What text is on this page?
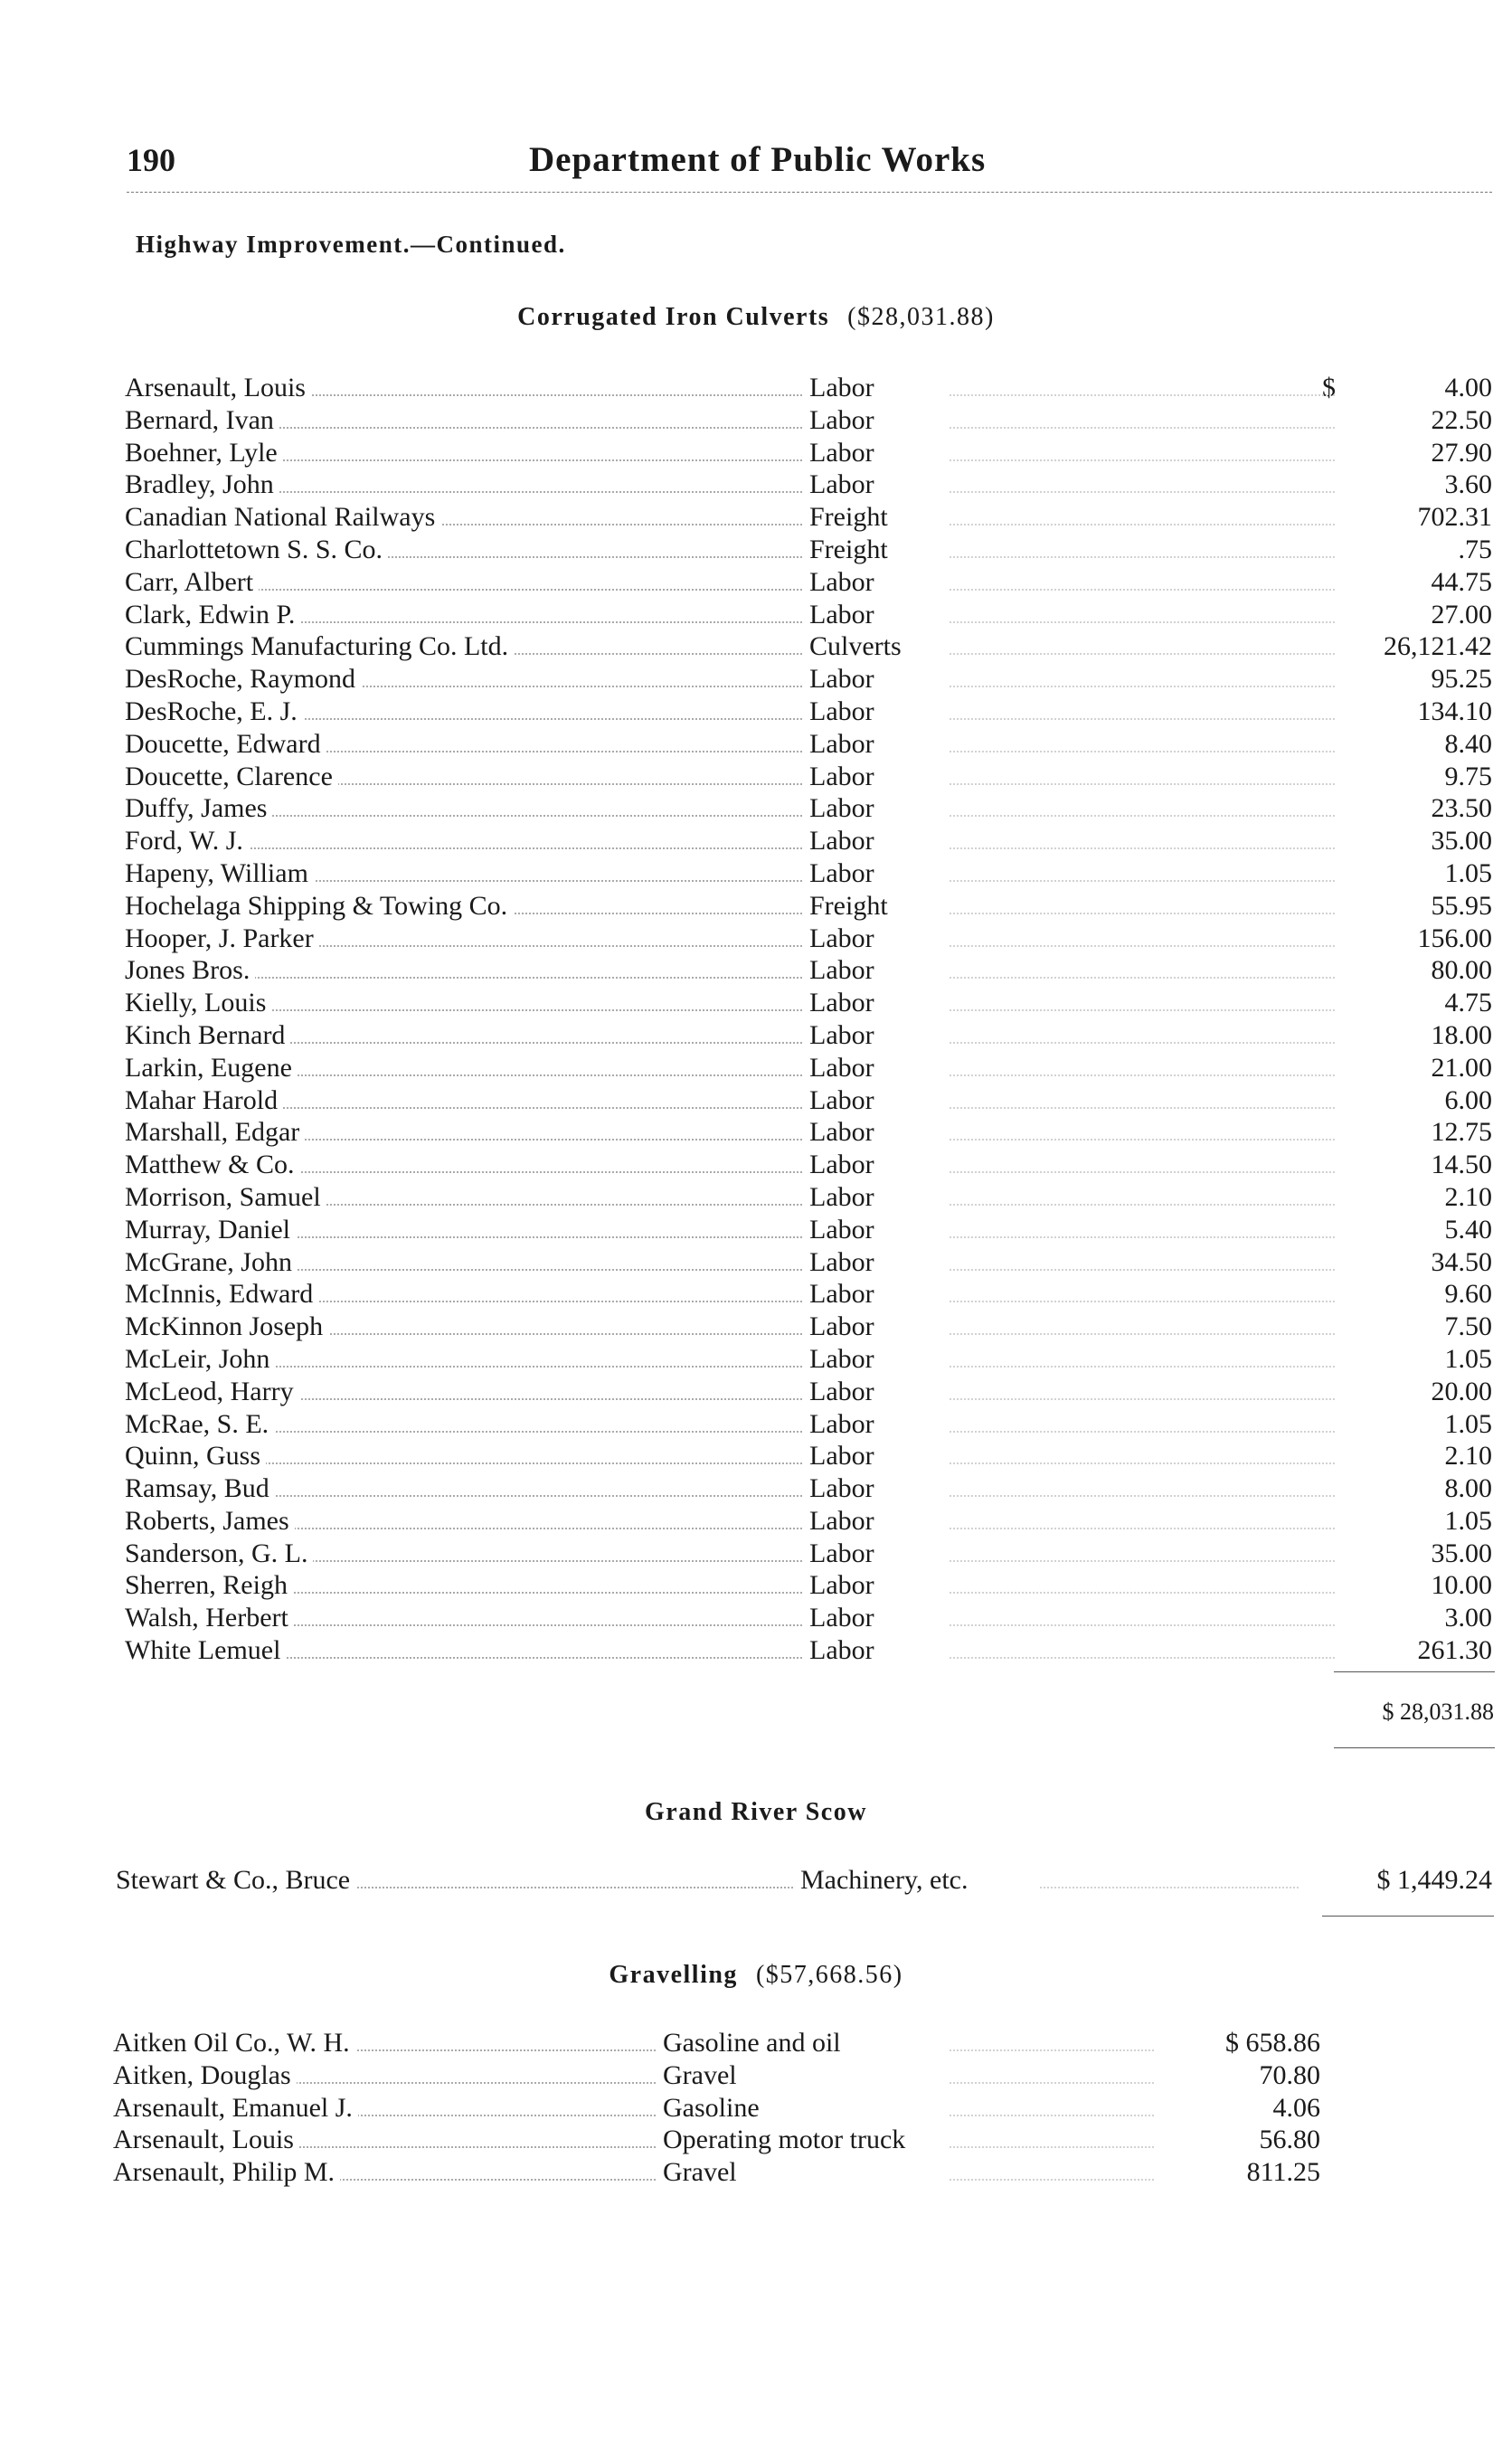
190	Department of Public Works
Highway Improvement.—Continued.
Corrugated Iron Culverts ($28,031.88)
$
Arsenault, Louis	Labor	4.00
Bernard, Ivan	Labor	22.50
Boehner, Lyle	Labor	27.90
Bradley, John	Labor	3.60
Canadian National Railways	Freight	702.31
Charlottetown S. S. Co.	Freight	.75
Carr, Albert	Labor	44.75
Clark, Edwin P.	Labor	27.00
Cummings Manufacturing Co. Ltd.	Culverts	26,121.42
DesRoche, Raymond	Labor	95.25
DesRoche, E. J.	Labor	134.10
Doucette, Edward	Labor	8.40
Doucette, Clarence	Labor	9.75
Duffy, James	Labor	23.50
Ford, W. J.	Labor	35.00
Hapeny, William	Labor	1.05
Hochelaga Shipping & Towing Co.	Freight	55.95
Hooper, J. Parker	Labor	156.00
Jones Bros.	Labor	80.00
Kielly, Louis	Labor	4.75
Kinch Bernard	Labor	18.00
Larkin, Eugene	Labor	21.00
Mahar Harold	Labor	6.00
Marshall, Edgar	Labor	12.75
Matthew & Co.	Labor	14.50
Morrison, Samuel	Labor	2.10
Murray, Daniel	Labor	5.40
McGrane, John	Labor	34.50
McInnis, Edward	Labor	9.60
McKinnon Joseph	Labor	7.50
McLeir, John	Labor	1.05
McLeod, Harry	Labor	20.00
McRae, S. E.	Labor	1.05
Quinn, Guss	Labor	2.10
Ramsay, Bud	Labor	8.00
Roberts, James	Labor	1.05
Sanderson, G. L.	Labor	35.00
Sherren, Reigh	Labor	10.00
Walsh, Herbert	Labor	3.00
White Lemuel	Labor	261.30
$ 28,031.88
Grand River Scow
Stewart & Co., Bruce	Machinery, etc.	$ 1,449.24
Gravelling ($57,668.56)
Aitken Oil Co., W. H.	Gasoline and oil	$ 658.86
Aitken, Douglas	Gravel	70.80
Arsenault, Emanuel J.	Gasoline	4.06
Arsenault, Louis	Operating motor truck	56.80
Arsenault, Philip M.	Gravel	811.25
